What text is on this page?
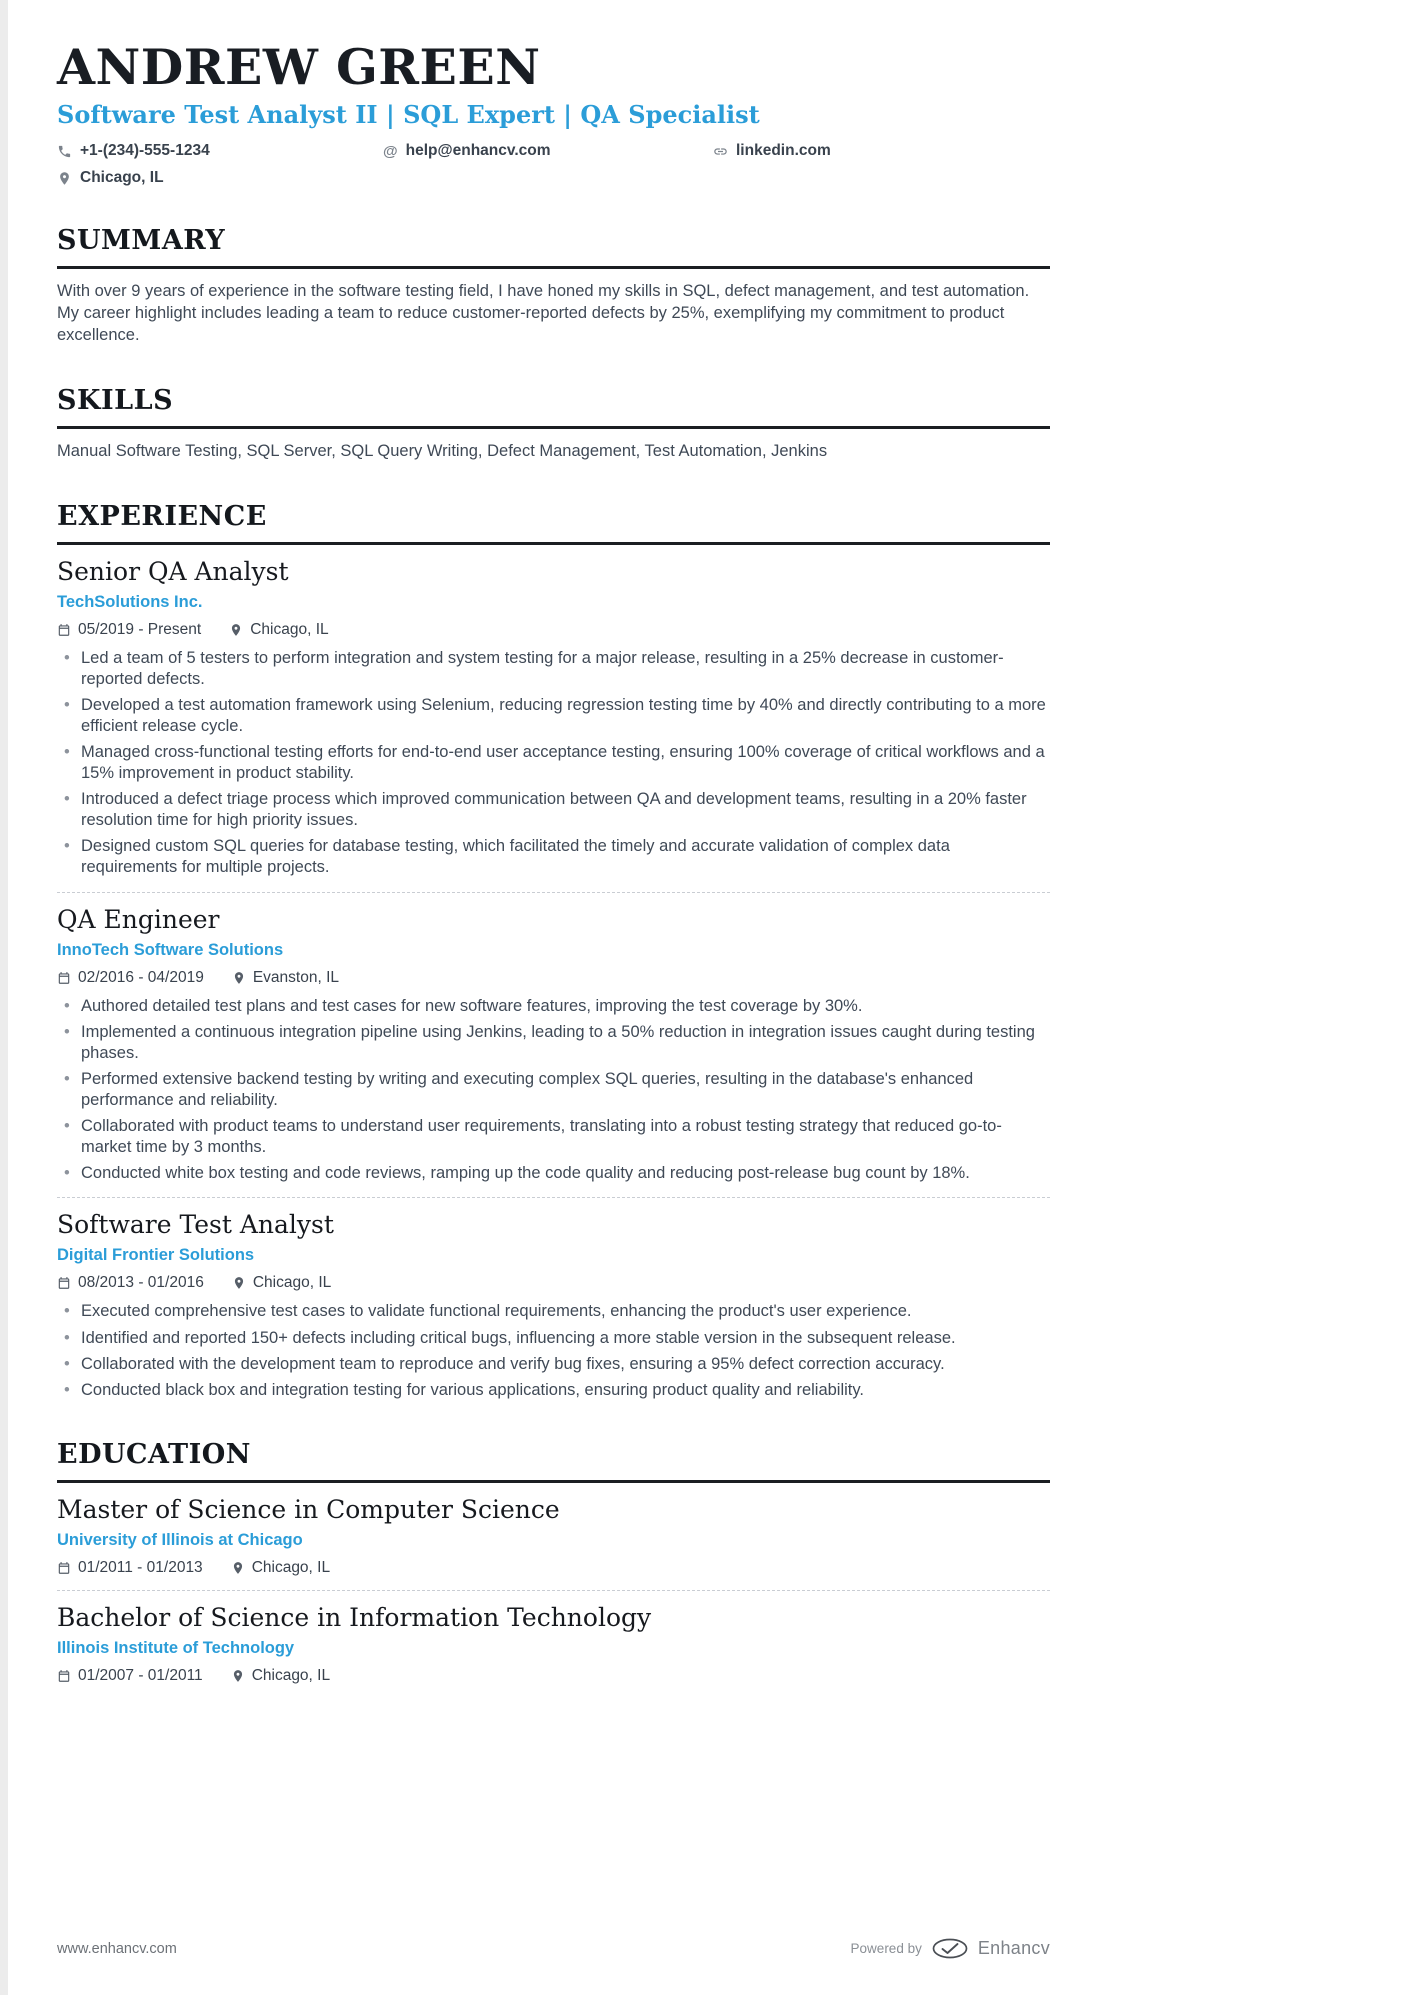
ANDREW GREEN
Software Test Analyst II | SQL Expert | QA Specialist
+1-(234)-555-1234	@ help@enhancv.com	linkedin.com
Chicago, IL
SUMMARY

With over 9 years of experience in the software testing field, I have honed my skills in SQL, defect management, and test automation. My career highlight includes leading a team to reduce customer-reported defects by 25%, exemplifying my commitment to product excellence.

SKILLS

Manual Software Testing, SQL Server, SQL Query Writing, Defect Management, Test Automation, Jenkins

EXPERIENCE
Senior QA Analyst
TechSolutions Inc.
05/2019 - Present	Chicago, IL
• Led a team of 5 testers to perform integration and system testing for a major release, resulting in a 25% decrease in customer-reported defects.
• Developed a test automation framework using Selenium, reducing regression testing time by 40% and directly contributing to a more efficient release cycle.
• Managed cross-functional testing efforts for end-to-end user acceptance testing, ensuring 100% coverage of critical workflows and a 15% improvement in product stability.
• Introduced a defect triage process which improved communication between QA and development teams, resulting in a 20% faster resolution time for high priority issues.
• Designed custom SQL queries for database testing, which facilitated the timely and accurate validation of complex data requirements for multiple projects.
QA Engineer
InnoTech Software Solutions
02/2016 - 04/2019	Evanston, IL
• Authored detailed test plans and test cases for new software features, improving the test coverage by 30%.
• Implemented a continuous integration pipeline using Jenkins, leading to a 50% reduction in integration issues caught during testing phases.
• Performed extensive backend testing by writing and executing complex SQL queries, resulting in the database's enhanced performance and reliability.
• Collaborated with product teams to understand user requirements, translating into a robust testing strategy that reduced go-to-market time by 3 months.
• Conducted white box testing and code reviews, ramping up the code quality and reducing post-release bug count by 18%.
Software Test Analyst
Digital Frontier Solutions
08/2013 - 01/2016	Chicago, IL
• Executed comprehensive test cases to validate functional requirements, enhancing the product's user experience.
• Identified and reported 150+ defects including critical bugs, influencing a more stable version in the subsequent release.
• Collaborated with the development team to reproduce and verify bug fixes, ensuring a 95% defect correction accuracy.
• Conducted black box and integration testing for various applications, ensuring product quality and reliability.
EDUCATION
Master of Science in Computer Science
University of Illinois at Chicago
01/2011 - 01/2013	Chicago, IL
Bachelor of Science in Information Technology
Illinois Institute of Technology
01/2007 - 01/2011	Chicago, IL
www.enhancv.com	Powered by	Enhancv
